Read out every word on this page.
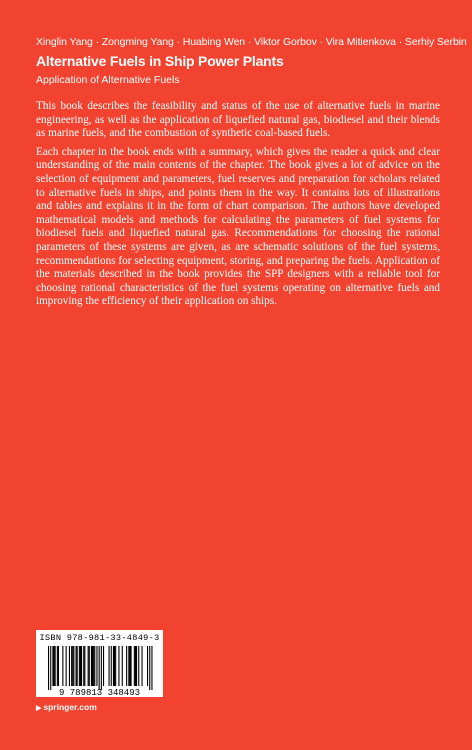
Xinglin Yang · Zongming Yang · Huabing Wen · Viktor Gorbov · Vira Mitienkova · Serhiy Serbin
Alternative Fuels in Ship Power Plants
Application of Alternative Fuels

This book describes the feasibility and status of the use of alternative fuels in marine engineering, as well as the application of liquefied natural gas, biodiesel and their blends as marine fuels, and the combustion of synthetic coal-based fuels.

Each chapter in the book ends with a summary, which gives the reader a quick and clear understanding of the main contents of the chapter. The book gives a lot of advice on the selection of equipment and parameters, fuel reserves and preparation for scholars related to alternative fuels in ships, and points them in the way. It contains lots of illustrations and tables and explains it in the form of chart comparison. The authors have developed mathematical models and methods for calculating the parameters of fuel systems for biodiesel fuels and liquefied natural gas. Recommendations for choosing the rational parameters of these systems are given, as are schematic solutions of the fuel systems, recommendations for selecting equipment, storing, and preparing the fuels. Application of the materials described in the book provides the SPP designers with a reliable tool for choosing rational characteristics of the fuel systems operating on alternative fuels and improving the efficiency of their application on ships.

ISBN 978-981-33-4849-3
9 789813 348493
▶ springer.com
